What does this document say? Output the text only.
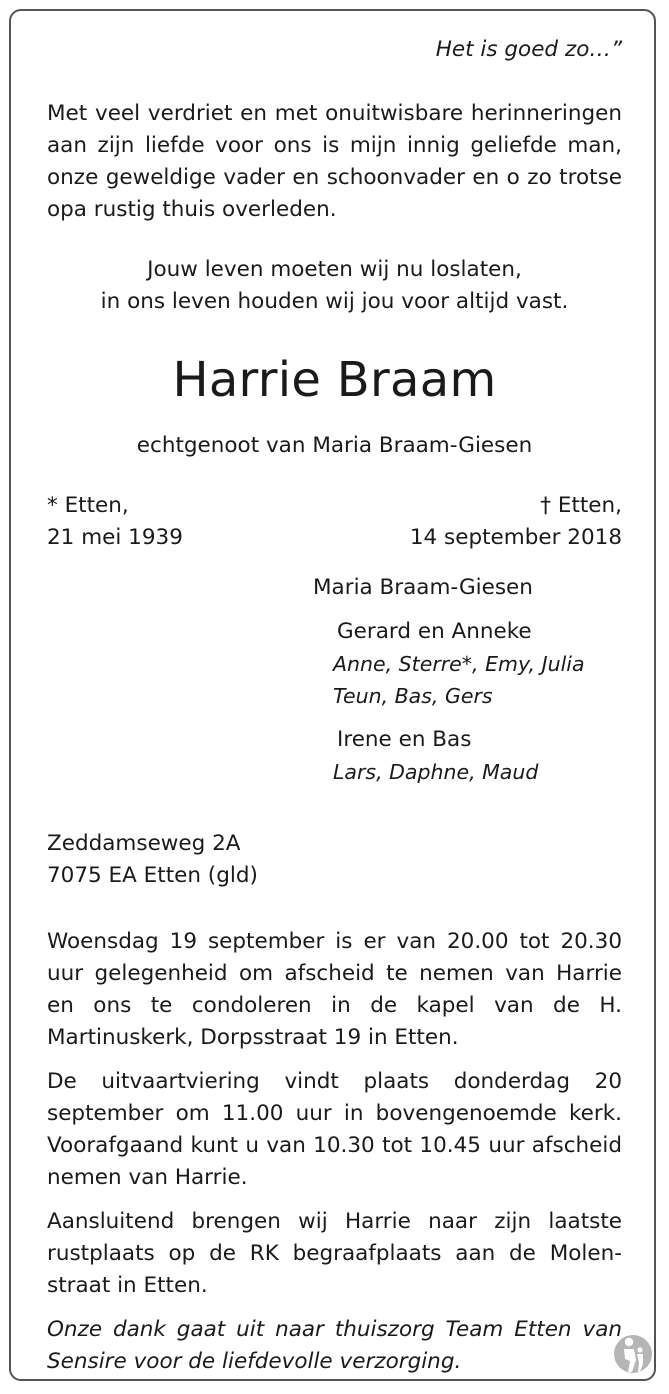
Het is goed zo…”

Met veel verdriet en met onuitwisbare herinneringen aan zijn liefde voor ons is mijn innig geliefde man, onze geweldige vader en schoonvader en o zo trotse opa rustig thuis overleden.

Jouw leven moeten wij nu loslaten,

in ons leven houden wij jou voor altijd vast.

Harrie Braam

echtgenoot van Maria Braam-Giesen

* Etten,
21 mei 1939
† Etten,
14 september 2018
Maria Braam-Giesen
Gerard en Anneke
Anne, Sterre*, Emy, Julia
Teun, Bas, Gers
Irene en Bas
Lars, Daphne, Maud
Zeddamseweg 2A
7075 EA Etten (gld)

Woensdag 19 september is er van 20.00 tot 20.30 uur gelegenheid om afscheid te nemen van Harrie en ons te condoleren in de kapel van de H. Martinuskerk, Dorpsstraat 19 in Etten.

De uitvaartviering vindt plaats donderdag 20 september om 11.00 uur in bovengenoemde kerk. Voorafgaand kunt u van 10.30 tot 10.45 uur afscheid nemen van Harrie.

Aansluitend brengen wij Harrie naar zijn laatste rustplaats op de RK begraafplaats aan de Molen-straat in Etten.

Onze dank gaat uit naar thuiszorg Team Etten van Sensire voor de liefdevolle verzorging.
